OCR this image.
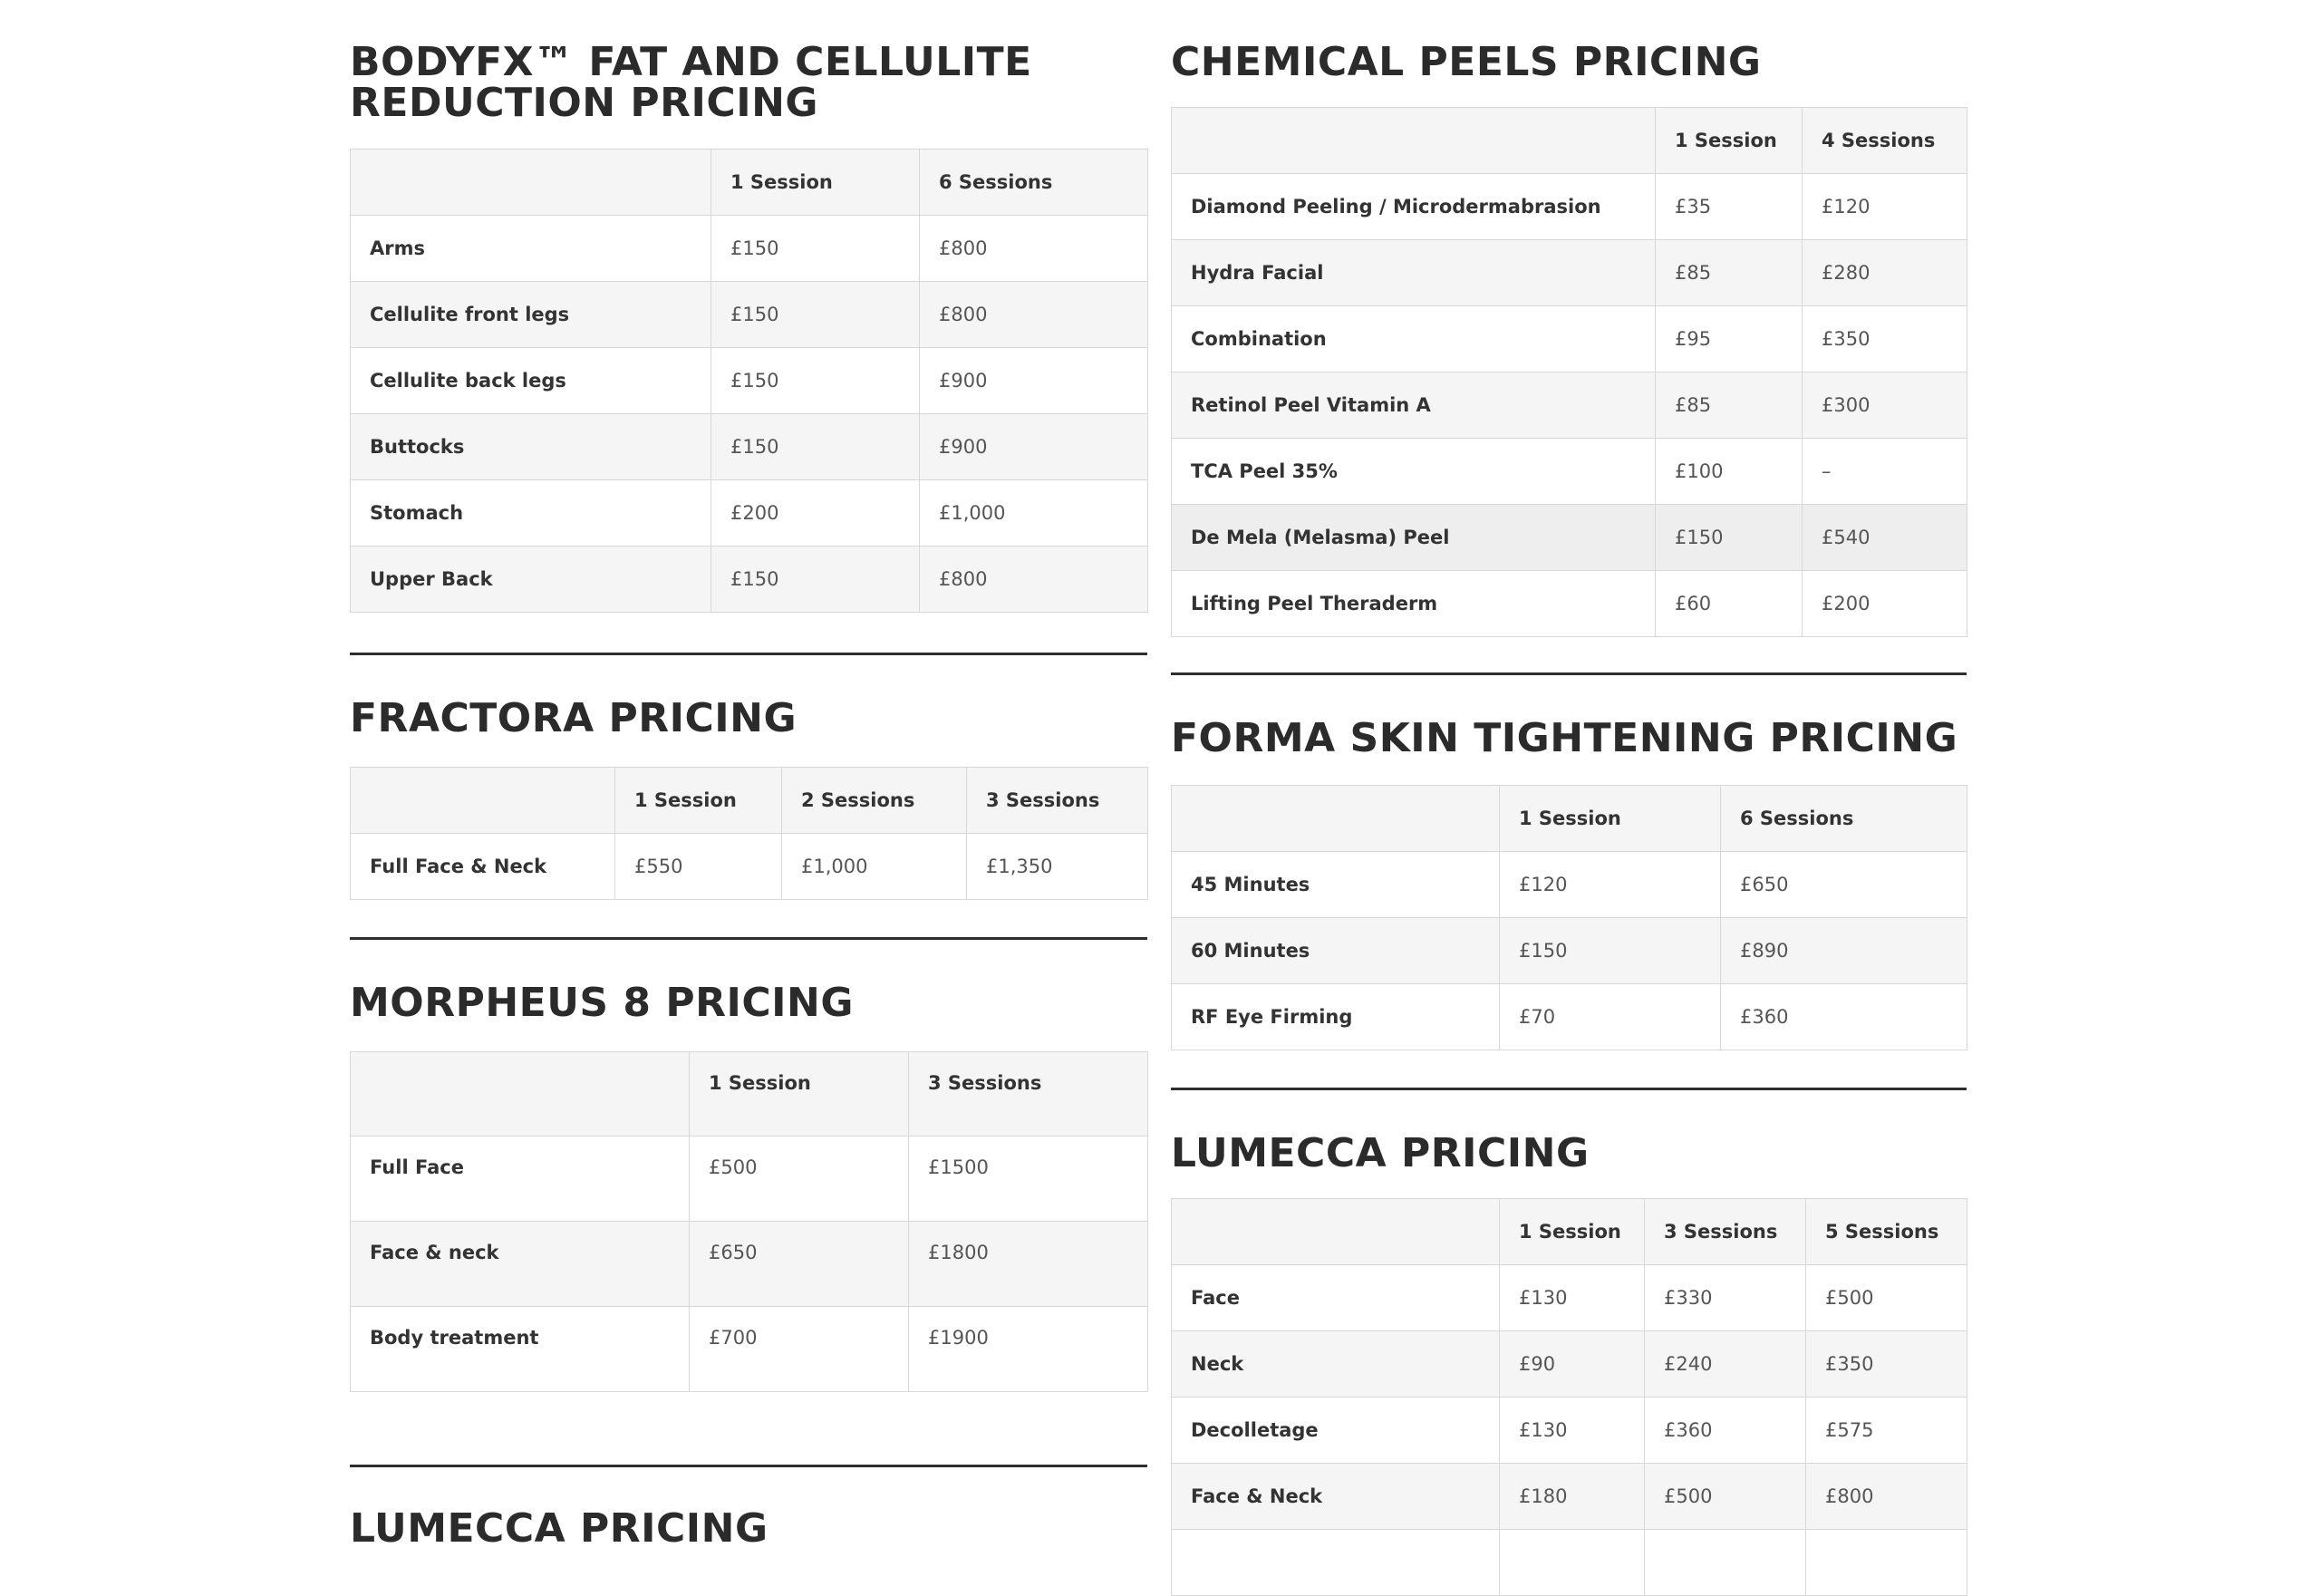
BODYFX™ FAT AND CELLULITE REDUCTION PRICING
	1 Session	6 Sessions
Arms	£150	£800
Cellulite front legs	£150	£800
Cellulite back legs	£150	£900
Buttocks	£150	£900
Stomach	£200	£1,000
Upper Back	£150	£800
FRACTORA PRICING
	1 Session	2 Sessions	3 Sessions
Full Face & Neck	£550	£1,000	£1,350
MORPHEUS 8 PRICING
	1 Session	3 Sessions
Full Face	£500	£1500
Face & neck	£650	£1800
Body treatment	£700	£1900
LUMECCA PRICING
CHEMICAL PEELS PRICING
	1 Session	4 Sessions
Diamond Peeling / Microdermabrasion	£35	£120
Hydra Facial	£85	£280
Combination	£95	£350
Retinol Peel Vitamin A	£85	£300
TCA Peel 35%	£100	–
De Mela (Melasma) Peel	£150	£540
Lifting Peel Theraderm	£60	£200
FORMA SKIN TIGHTENING PRICING
	1 Session	6 Sessions
45 Minutes	£120	£650
60 Minutes	£150	£890
RF Eye Firming	£70	£360
LUMECCA PRICING
	1 Session	3 Sessions	5 Sessions
Face	£130	£330	£500
Neck	£90	£240	£350
Decolletage	£130	£360	£575
Face & Neck	£180	£500	£800
